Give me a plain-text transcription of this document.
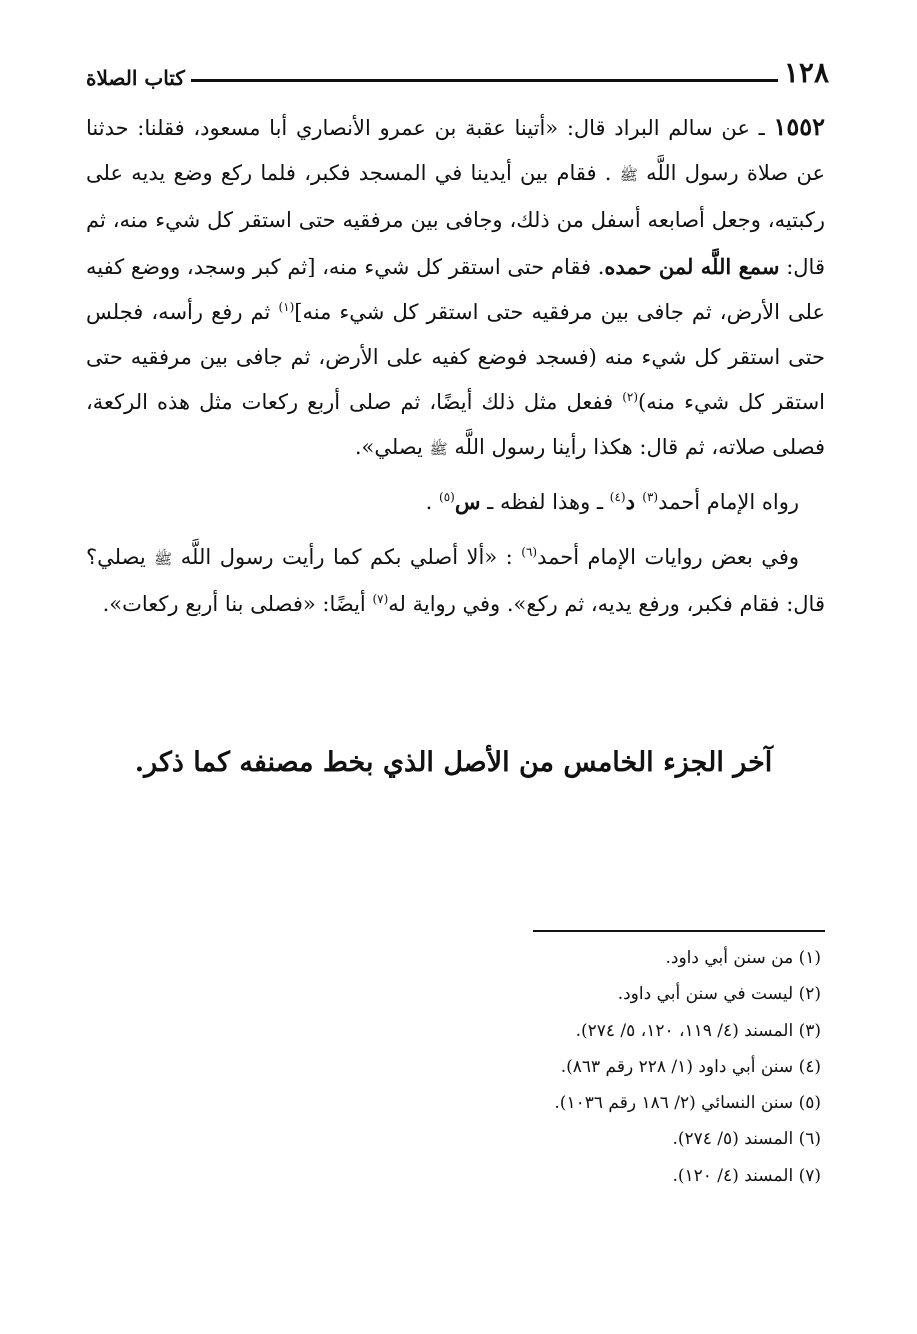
١٢٨
كتاب الصلاة

١٥٥٢ ـ عن سالم البراد قال: «أتينا عقبة بن عمرو الأنصاري أبا مسعود، فقلنا: حدثنا عن صلاة رسول اللَّه ﷺ . فقام بين أيدينا في المسجد فكبر، فلما ركع وضع يديه على ركبتيه، وجعل أصابعه أسفل من ذلك، وجافى بين مرفقيه حتى استقر كل شيء منه، ثم قال: سمع اللَّه لمن حمده. فقام حتى استقر كل شيء منه، [ثم كبر وسجد، ووضع كفيه على الأرض، ثم جافى بين مرفقيه حتى استقر كل شيء منه]$^{(١)}$ ثم رفع رأسه، فجلس حتى استقر كل شيء منه (فسجد فوضع كفيه على الأرض، ثم جافى بين مرفقيه حتى استقر كل شيء منه)$^{(٢)}$ ففعل مثل ذلك أيضًا، ثم صلى أربع ركعات مثل هذه الركعة، فصلى صلاته، ثم قال: هكذا رأينا رسول اللَّه ﷺ يصلي».

رواه الإمام أحمد$^{(٣)}$ د$^{(٤)}$ ـ وهذا لفظه ـ س$^{(٥)}$ .

وفي بعض روايات الإمام أحمد$^{(٦)}$ : «ألا أصلي بكم كما رأيت رسول اللَّه ﷺ يصلي؟ قال: فقام فكبر، ورفع يديه، ثم ركع». وفي رواية له$^{(٧)}$ أيضًا: «فصلى بنا أربع ركعات».

آخر الجزء الخامس من الأصل الذي بخط مصنفه كما ذكر.
(١) من سنن أبي داود.
(٢) ليست في سنن أبي داود.
(٣) المسند (٤/ ١١٩، ١٢٠، ٥/ ٢٧٤).
(٤) سنن أبي داود (١/ ٢٢٨ رقم ٨٦٣).
(٥) سنن النسائي (٢/ ١٨٦ رقم ١٠٣٦).
(٦) المسند (٥/ ٢٧٤).
(٧) المسند (٤/ ١٢٠).
